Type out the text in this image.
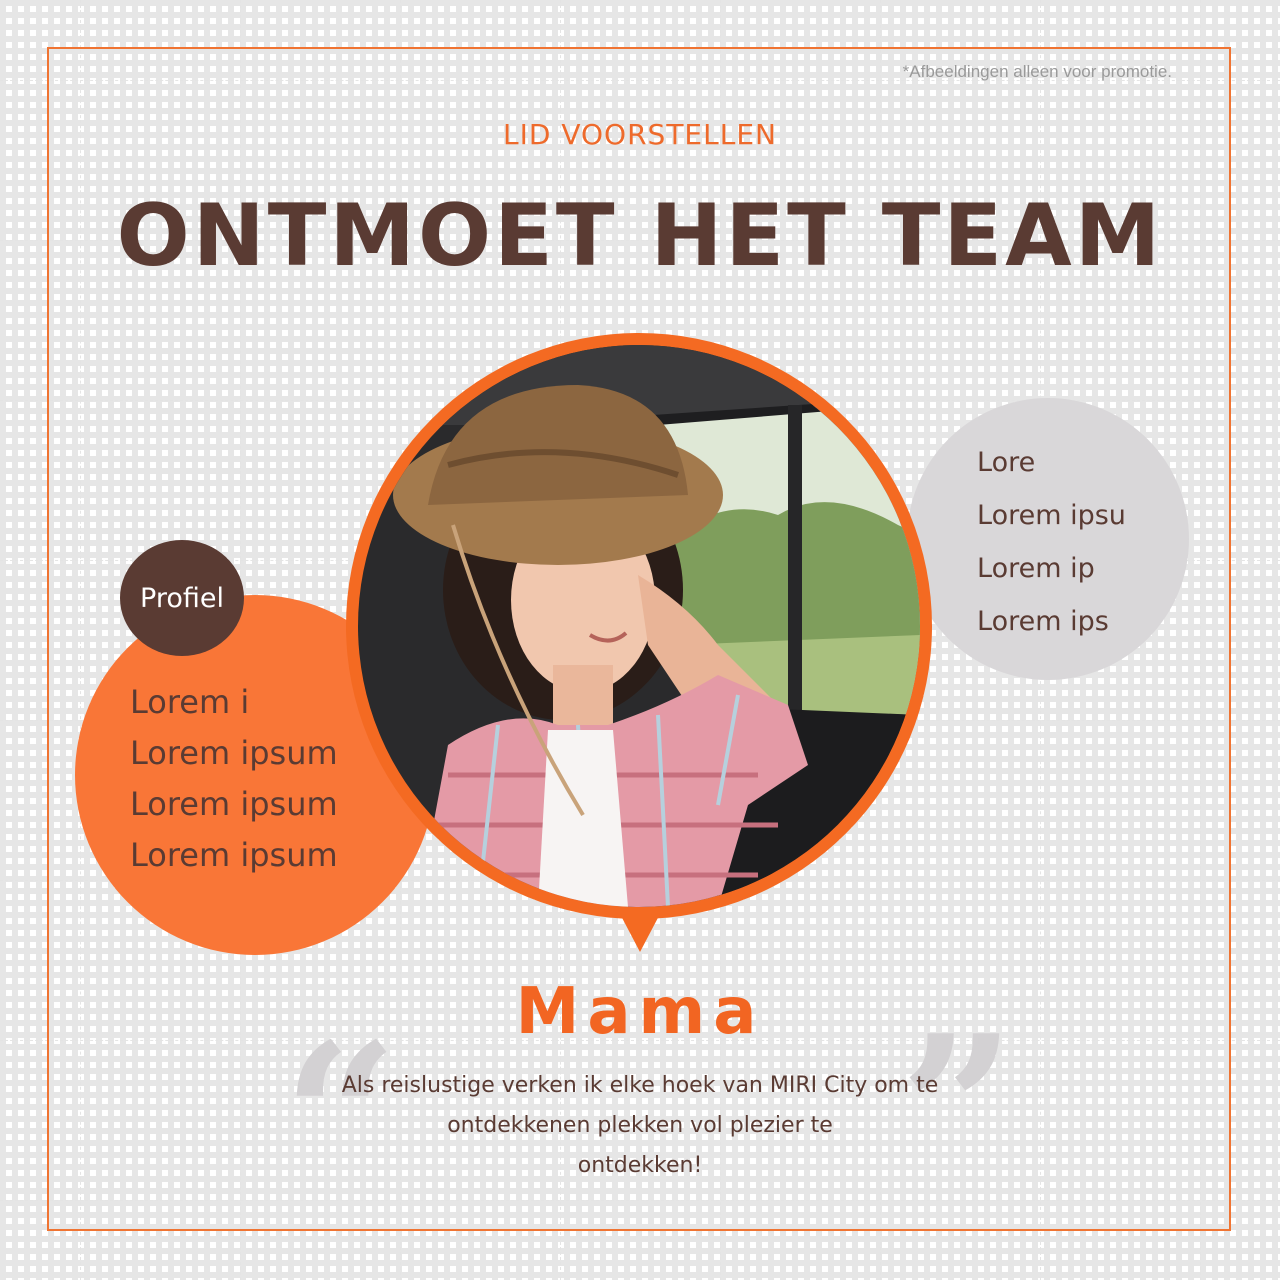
*Afbeeldingen alleen voor promotie.
LID VOORSTELLEN
ONTMOET HET TEAM
Lorem i
Lorem ipsum
Lorem ipsum
Lorem ipsum
Profiel
Lore
Lorem ipsu
Lorem ip
Lorem ips
Mama
“	”
Als reislustige verken ik elke hoek van MIRI City om te
ontdekkenen plekken vol plezier te
ontdekken!
